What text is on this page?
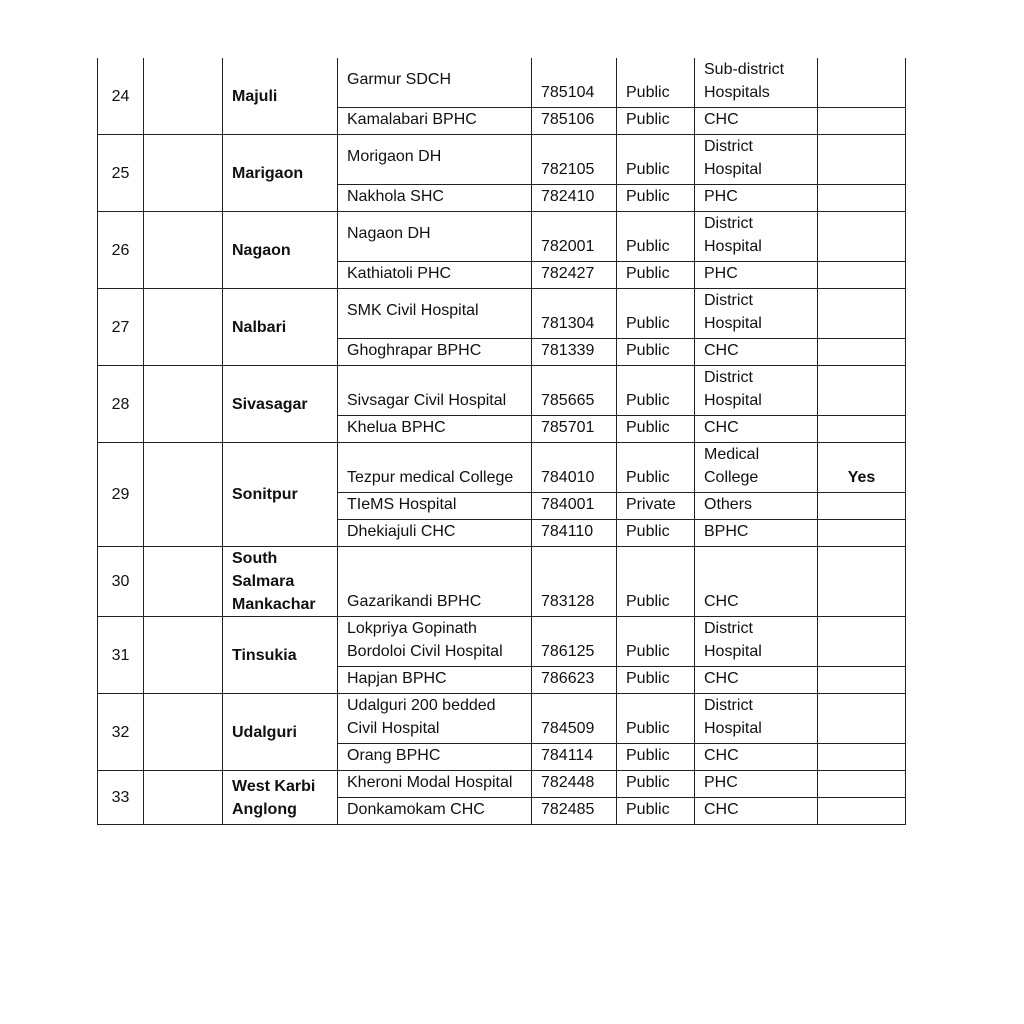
24		Majuli	Garmur SDCH	785104	Public	Sub-district Hospitals	
			Kamalabari BPHC	785106	Public	CHC	
25		Marigaon	Morigaon DH	782105	Public	District Hospital	
			Nakhola SHC	782410	Public	PHC	
26		Nagaon	Nagaon DH	782001	Public	District Hospital	
			Kathiatoli PHC	782427	Public	PHC	
27		Nalbari	SMK Civil Hospital	781304	Public	District Hospital	
			Ghoghrapar BPHC	781339	Public	CHC	
28		Sivasagar	Sivsagar Civil Hospital	785665	Public	District Hospital	
			Khelua BPHC	785701	Public	CHC	
29		Sonitpur	Tezpur medical College	784010	Public	Medical College	Yes
			TIeMS Hospital	784001	Private	Others	
			Dhekiajuli CHC	784110	Public	BPHC	
30		South Salmara Mankachar	Gazarikandi BPHC	783128	Public	CHC	
31		Tinsukia	Lokpriya Gopinath Bordoloi Civil Hospital	786125	Public	District Hospital	
			Hapjan BPHC	786623	Public	CHC	
32		Udalguri	Udalguri 200 bedded Civil Hospital	784509	Public	District Hospital	
			Orang BPHC	784114	Public	CHC	
33		West Karbi Anglong	Kheroni Modal Hospital	782448	Public	PHC	
			Donkamokam CHC	782485	Public	CHC	
